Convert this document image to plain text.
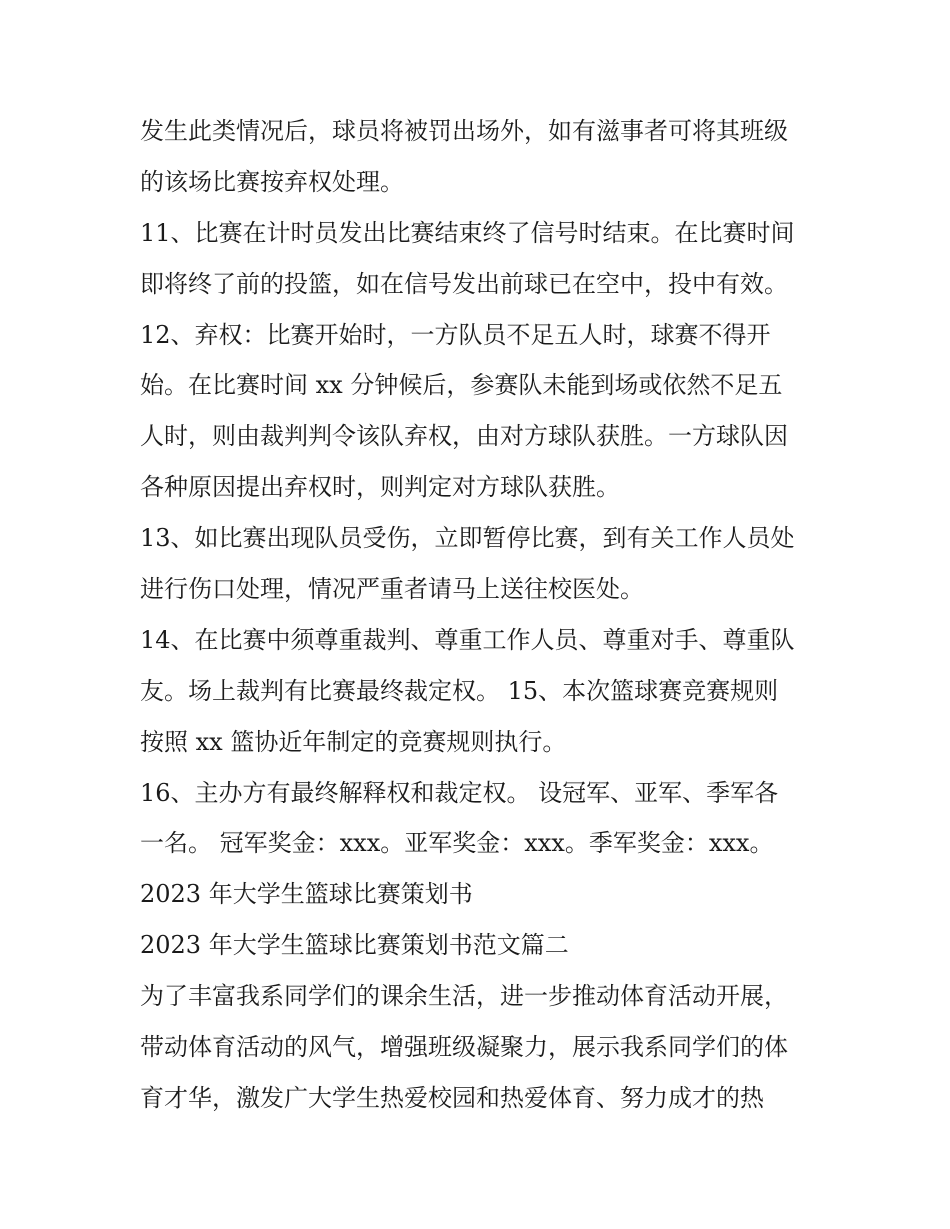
发生此类情况后，球员将被罚出场外，如有滋事者可将其班级
的该场比赛按弃权处理。
11、比赛在计时员发出比赛结束终了信号时结束。在比赛时间
即将终了前的投篮，如在信号发出前球已在空中，投中有效。
12、弃权：比赛开始时，一方队员不足五人时，球赛不得开
始。在比赛时间 xx 分钟候后，参赛队未能到场或依然不足五
人时，则由裁判判令该队弃权，由对方球队获胜。一方球队因
各种原因提出弃权时，则判定对方球队获胜。
13、如比赛出现队员受伤，立即暂停比赛，到有关工作人员处
进行伤口处理，情况严重者请马上送往校医处。
14、在比赛中须尊重裁判、尊重工作人员、尊重对手、尊重队
友。场上裁判有比赛最终裁定权。 15、本次篮球赛竞赛规则
按照 xx 篮协近年制定的竞赛规则执行。
16、主办方有最终解释权和裁定权。 设冠军、亚军、季军各
一名。 冠军奖金：xxx。亚军奖金：xxx。季军奖金：xxx。
2023 年大学生篮球比赛策划书
2023 年大学生篮球比赛策划书范文篇二
为了丰富我系同学们的课余生活，进一步推动体育活动开展，
带动体育活动的风气，增强班级凝聚力，展示我系同学们的体
育才华，激发广大学生热爱校园和热爱体育、努力成才的热
